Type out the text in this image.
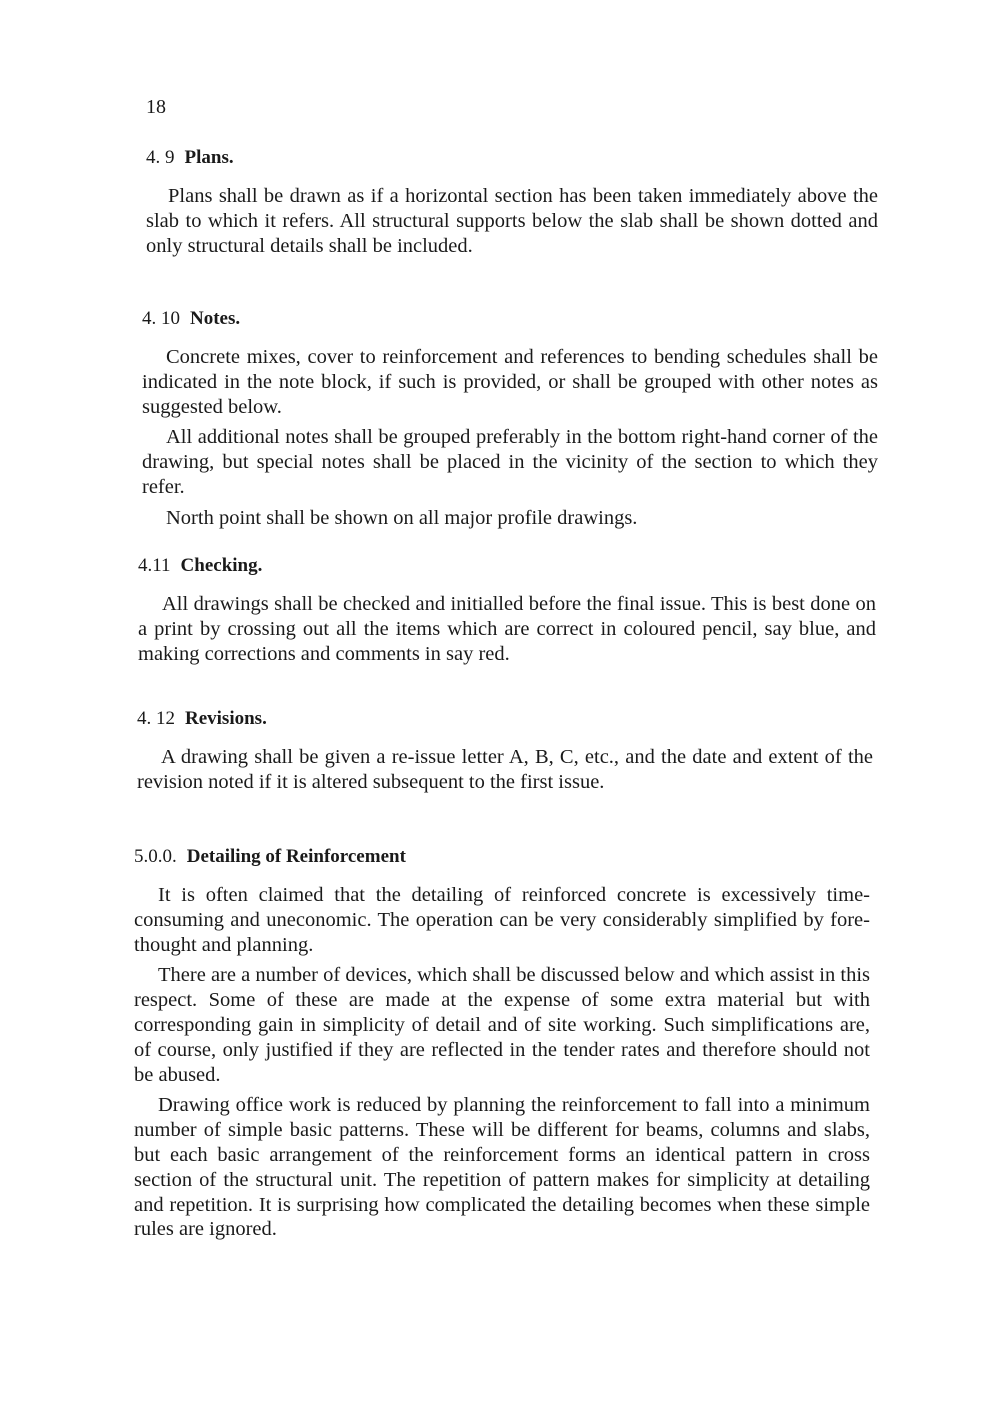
18
4. 9 Plans.

Plans shall be drawn as if a horizontal section has been taken immediately above the slab to which it refers. All structural supports below the slab shall be shown dotted and only structural details shall be included.

4. 10 Notes.

Concrete mixes, cover to reinforcement and references to bending schedules shall be indicated in the note block, if such is provided, or shall be grouped with other notes as suggested below.

All additional notes shall be grouped preferably in the bottom right-hand corner of the drawing, but special notes shall be placed in the vicinity of the section to which they refer.

North point shall be shown on all major profile drawings.

4.11 Checking.

All drawings shall be checked and initialled before the final issue. This is best done on a print by crossing out all the items which are correct in coloured pencil, say blue, and making corrections and comments in say red.

4. 12 Revisions.

A drawing shall be given a re-issue letter A, B, C, etc., and the date and extent of the revision noted if it is altered subsequent to the first issue.

5.0.0. Detailing of Reinforcement

It is often claimed that the detailing of reinforced concrete is excessively time-consuming and uneconomic. The operation can be very considerably simplified by fore-thought and planning.

There are a number of devices, which shall be discussed below and which assist in this respect. Some of these are made at the expense of some extra material but with corresponding gain in simplicity of detail and of site working. Such simplifications are, of course, only justified if they are reflected in the tender rates and therefore should not be abused.

Drawing office work is reduced by planning the reinforcement to fall into a minimum number of simple basic patterns. These will be different for beams, columns and slabs, but each basic arrangement of the reinforcement forms an identical pattern in cross section of the structural unit. The repetition of pattern makes for simplicity at detailing and repetition. It is surprising how complicated the detailing becomes when these simple rules are ignored.
